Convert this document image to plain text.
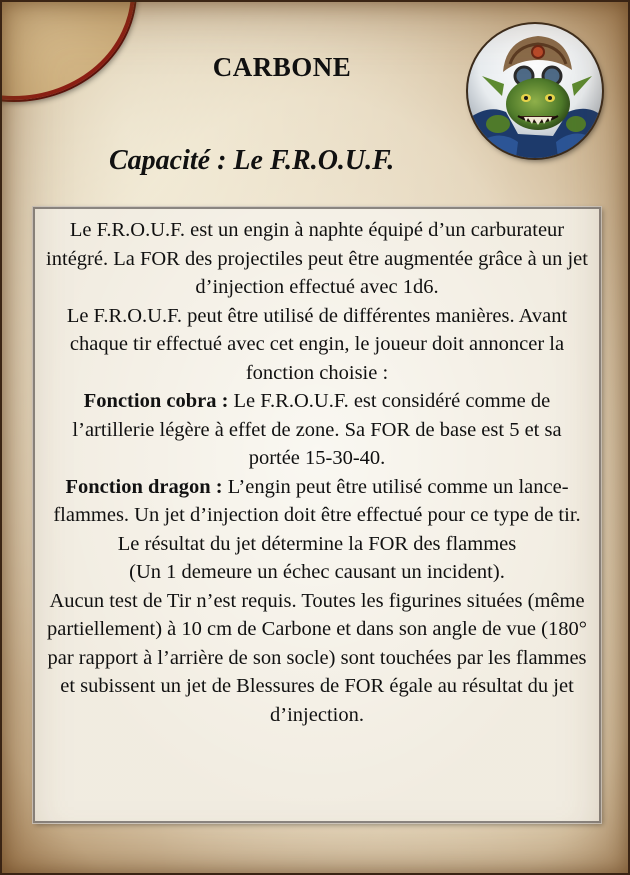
CARBONE
Capacité : Le F.R.O.U.F.

Le F.R.O.U.F. est un engin à naphte équipé d’un carburateur intégré. La FOR des projectiles peut être augmentée grâce à un jet d’injection effectué avec 1d6.

Le F.R.O.U.F. peut être utilisé de différentes manières. Avant chaque tir effectué avec cet engin, le joueur doit annoncer la fonction choisie :

Fonction cobra : Le F.R.O.U.F. est considéré comme de l’artillerie légère à effet de zone. Sa FOR de base est 5 et sa portée 15-30-40.

Fonction dragon : L’engin peut être utilisé comme un lance-flammes. Un jet d’injection doit être effectué pour ce type de tir. Le résultat du jet détermine la FOR des flammes

(Un 1 demeure un échec causant un incident).

Aucun test de Tir n’est requis. Toutes les figurines situées (même partiellement) à 10 cm de Carbone et dans son angle de vue (180° par rapport à l’arrière de son socle) sont touchées par les flammes et subissent un jet de Blessures de FOR égale au résultat du jet d’injection.
